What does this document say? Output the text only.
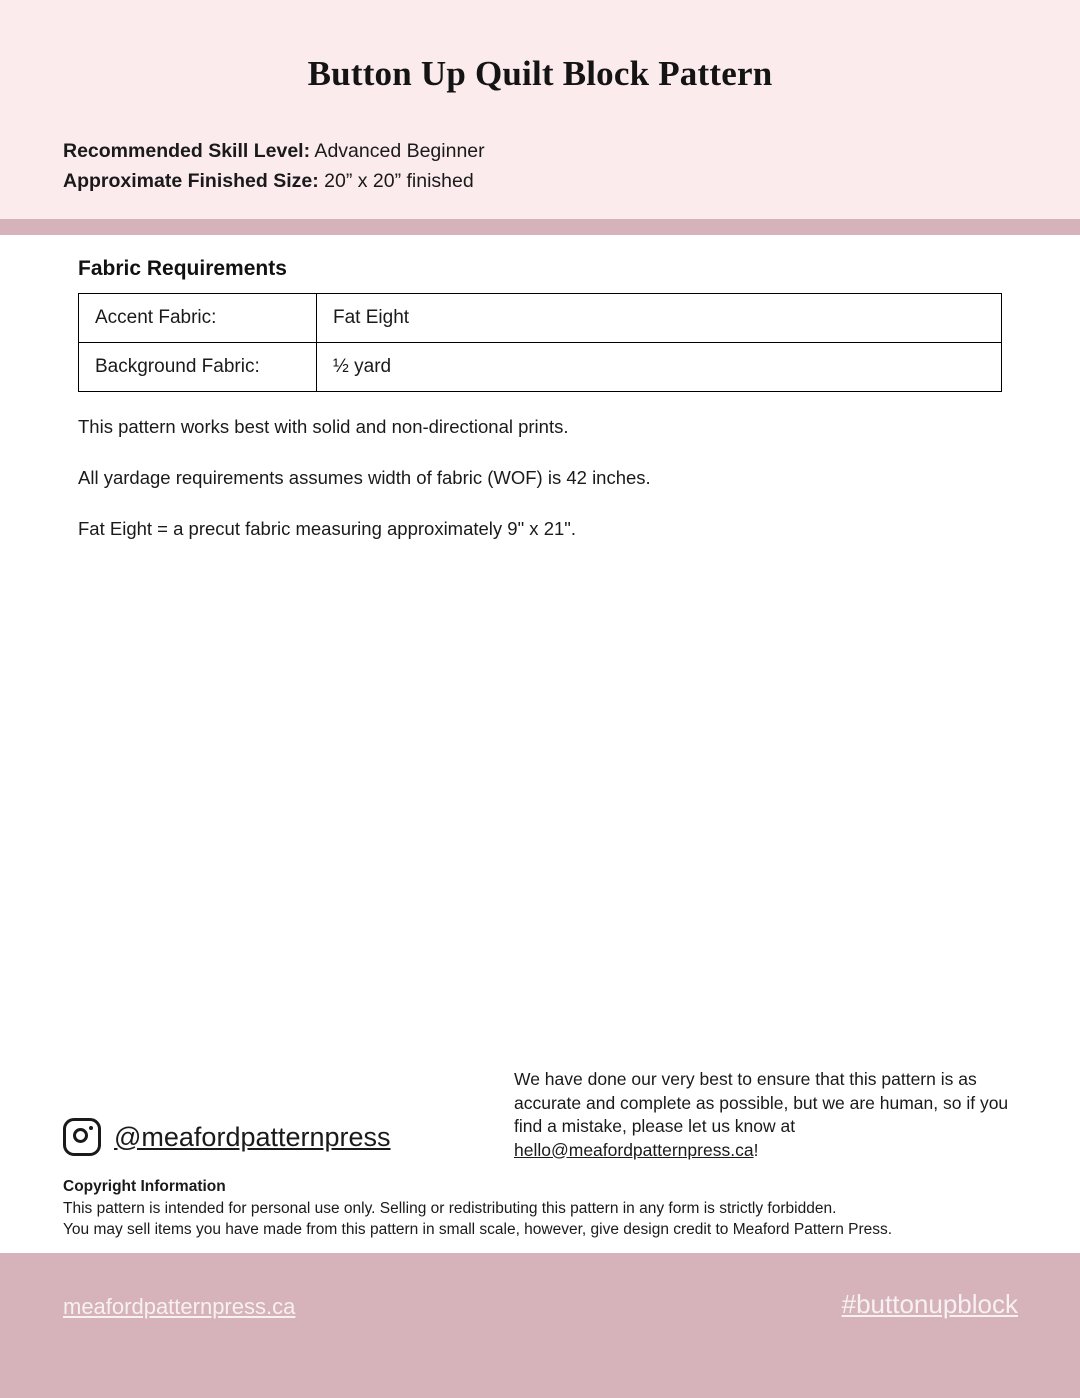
Button Up Quilt Block Pattern
Recommended Skill Level: Advanced Beginner
Approximate Finished Size: 20” x 20” finished
Fabric Requirements
Accent Fabric:	Fat Eight
Background Fabric:	½ yard
This pattern works best with solid and non-directional prints.
All yardage requirements assumes width of fabric (WOF) is 42 inches.
Fat Eight = a precut fabric measuring approximately 9" x 21".
We have done our very best to ensure that this pattern is as accurate and complete as possible, but we are human, so if you find a mistake, please let us know at hello@meafordpatternpress.ca!
@meafordpatternpress
Copyright Information
This pattern is intended for personal use only. Selling or redistributing this pattern in any form is strictly forbidden.
You may sell items you have made from this pattern in small scale, however, give design credit to Meaford Pattern Press.
meafordpatternpress.ca	#buttonupblock
